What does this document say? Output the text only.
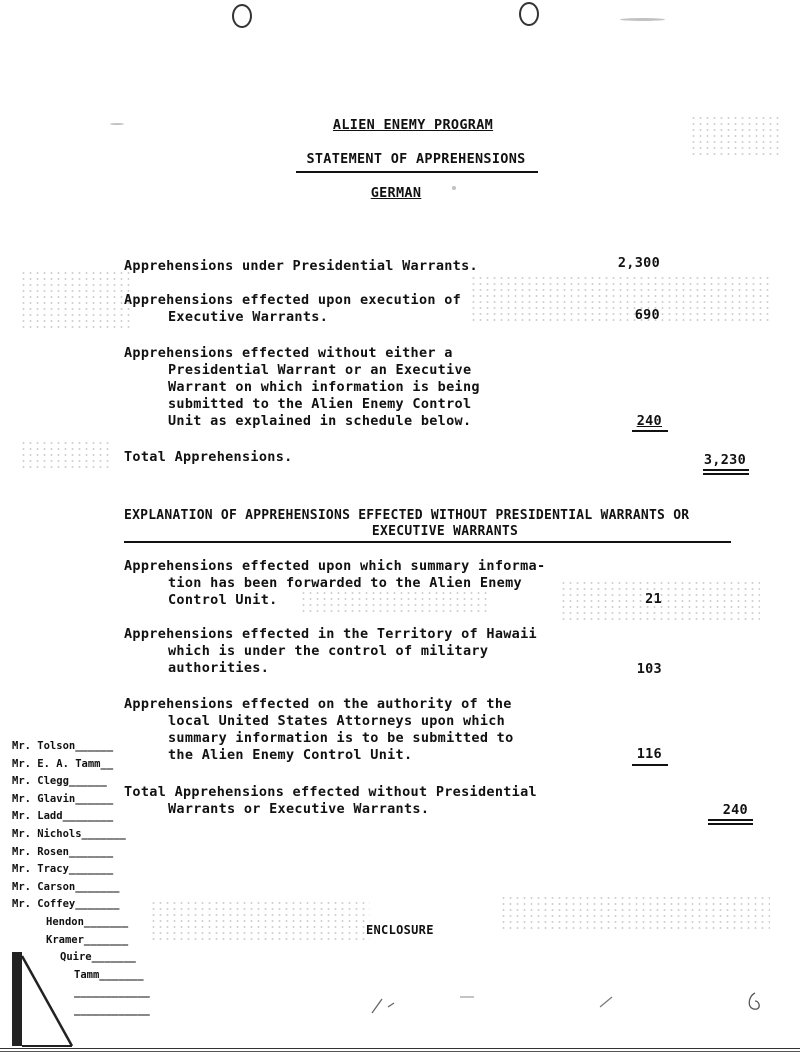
ALIEN ENEMY PROGRAM
STATEMENT OF APPREHENSIONS
GERMAN
Apprehensions under Presidential Warrants.	2,300
Apprehensions effected upon execution of
Executive Warrants.	690
Apprehensions effected without either a
Presidential Warrant or an Executive
Warrant on which information is being
submitted to the Alien Enemy Control
Unit as explained in schedule below.	240
Total Apprehensions.	3,230
EXPLANATION OF APPREHENSIONS EFFECTED WITHOUT PRESIDENTIAL WARRANTS OR
EXECUTIVE WARRANTS
Apprehensions effected upon which summary informa-
tion has been forwarded to the Alien Enemy
Control Unit.	21
Apprehensions effected in the Territory of Hawaii
which is under the control of military
authorities.	103
Apprehensions effected on the authority of the
local United States Attorneys upon which
summary information is to be submitted to
the Alien Enemy Control Unit.	116
Total Apprehensions effected without Presidential
Warrants or Executive Warrants.	240
Mr. Tolson______
Mr. E. A. Tamm__
Mr. Clegg______
Mr. Glavin______
Mr. Ladd________
Mr. Nichols_______
Mr. Rosen_______
Mr. Tracy_______
Mr. Carson_______
Mr. Coffey_______
Hendon_______
Kramer_______
Quire_______
Tamm_______
____________
____________
ENCLOSURE
